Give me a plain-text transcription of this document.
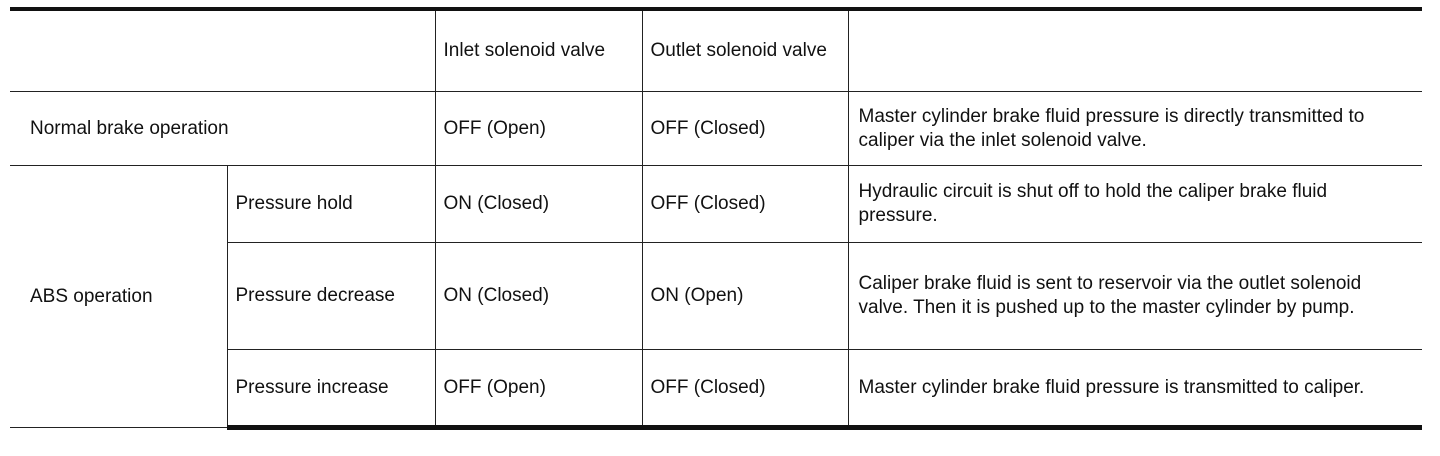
		Inlet solenoid valve	Outlet solenoid valve	
Normal brake operation		OFF (Open)	OFF (Closed)	Master cylinder brake fluid pressure is directly transmitted to caliper via the inlet solenoid valve.
ABS operation	Pressure hold	ON (Closed)	OFF (Closed)	Hydraulic circuit is shut off to hold the caliper brake fluid pressure.
	Pressure decrease	ON (Closed)	ON (Open)	Caliper brake fluid is sent to reservoir via the outlet solenoid valve. Then it is pushed up to the master cylinder by pump.
	Pressure increase	OFF (Open)	OFF (Closed)	Master cylinder brake fluid pressure is transmitted to caliper.
